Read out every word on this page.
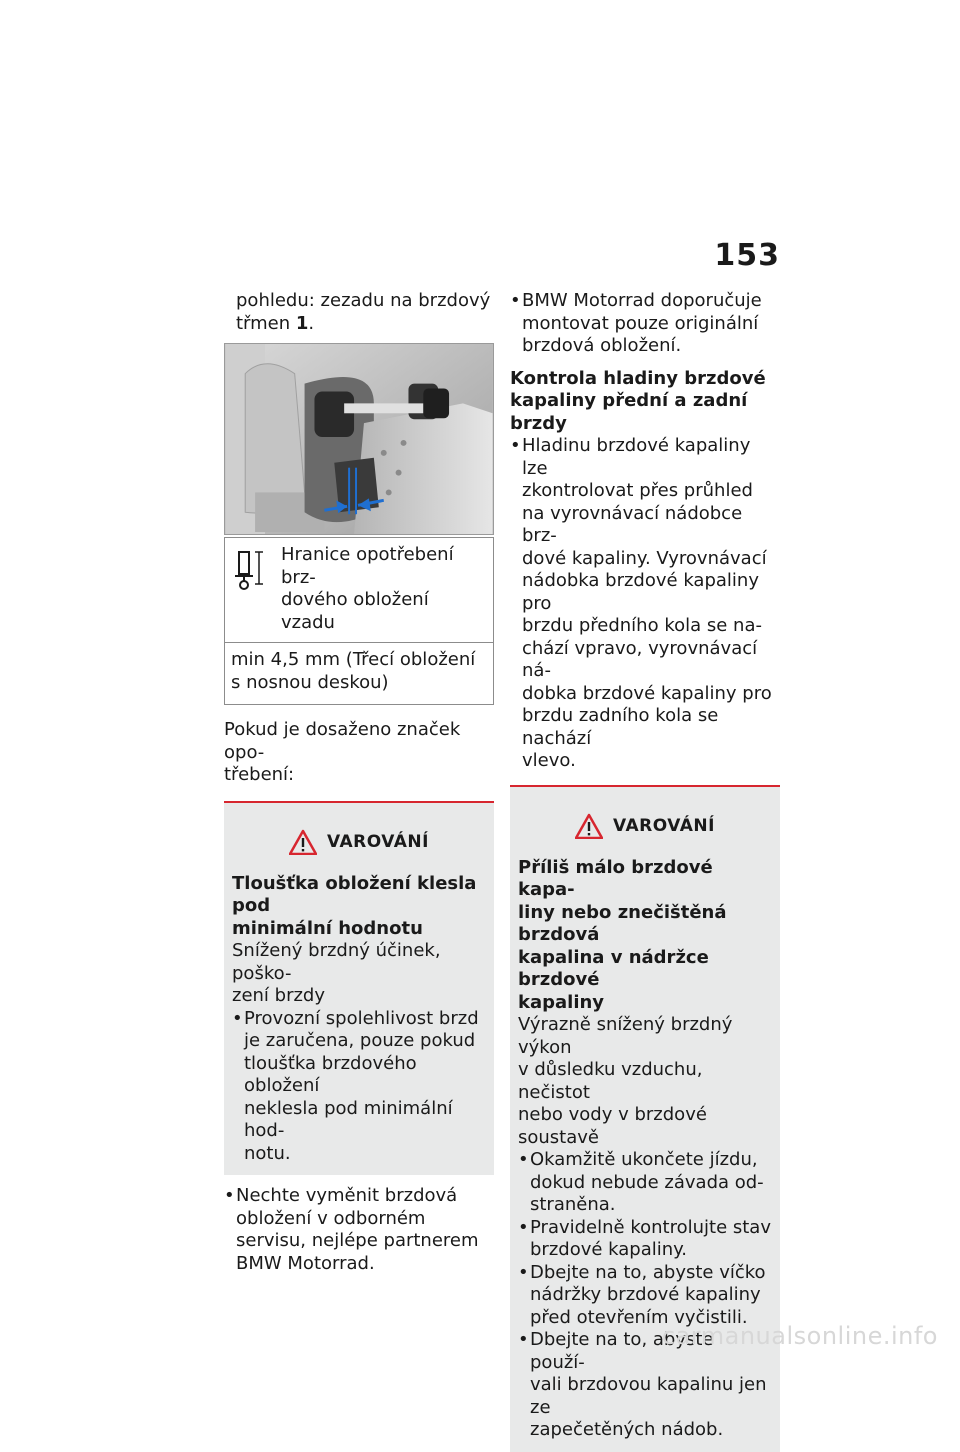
153

pohledu: zezadu na brzdový
třmen 1.

Hranice opotřebení brz-
dového obložení vzadu
min 4,5 mm (Třecí obložení
s nosnou deskou)

Pokud je dosaženo značek opo-
třebení:

VAROVÁNÍ

Tloušťka obložení klesla pod
minimální hodnotu

Snížený brzdný účinek, poško-
zení brzdy

• Provozní spolehlivost brzd
je zaručena, pouze pokud
tloušťka brzdového obložení
neklesla pod minimální hod-
notu.
• Nechte vyměnit brzdová
obložení v odborném
servisu, nejlépe partnerem
BMW Motorrad.
• BMW Motorrad doporučuje
montovat pouze originální
brzdová obložení.

Kontrola hladiny brzdové
kapaliny přední a zadní brzdy

• Hladinu brzdové kapaliny lze
zkontrolovat přes průhled
na vyrovnávací nádobce brz-
dové kapaliny. Vyrovnávací
nádobka brzdové kapaliny pro
brzdu předního kola se na-
chází vpravo, vyrovnávací ná-
dobka brzdové kapaliny pro
brzdu zadního kola se nachází
vlevo.
VAROVÁNÍ

Příliš málo brzdové kapa-
liny nebo znečištěná brzdová
kapalina v nádržce brzdové
kapaliny

Výrazně snížený brzdný výkon
v důsledku vzduchu, nečistot
nebo vody v brzdové soustavě

• Okamžitě ukončete jízdu,
dokud nebude závada od-
straněna.
• Pravidelně kontrolujte stav
brzdové kapaliny.
• Dbejte na to, abyste víčko
nádržky brzdové kapaliny
před otevřením vyčistili.
• Dbejte na to, abyste použí-
vali brzdovou kapalinu jen ze
zapečetěných nádob.
carmanualsonline.info
